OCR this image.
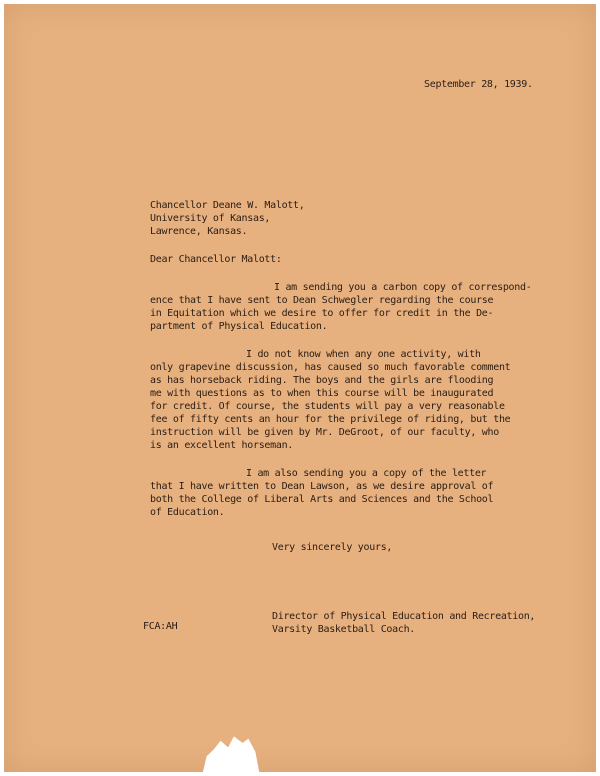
September 28, 1939.
Chancellor Deane W. Malott,
University of Kansas,
Lawrence, Kansas.
Dear Chancellor Malott:
I am sending you a carbon copy of correspond-
ence that I have sent to Dean Schwegler regarding the course
in Equitation which we desire to offer for credit in the De-
partment of Physical Education.
I do not know when any one activity, with
only grapevine discussion, has caused so much favorable comment
as has horseback riding. The boys and the girls are flooding
me with questions as to when this course will be inaugurated
for credit. Of course, the students will pay a very reasonable
fee of fifty cents an hour for the privilege of riding, but the
instruction will be given by Mr. DeGroot, of our faculty, who
is an excellent horseman.
I am also sending you a copy of the letter
that I have written to Dean Lawson, as we desire approval of
both the College of Liberal Arts and Sciences and the School
of Education.
Very sincerely yours,
Director of Physical Education and Recreation,
Varsity Basketball Coach.
FCA:AH
